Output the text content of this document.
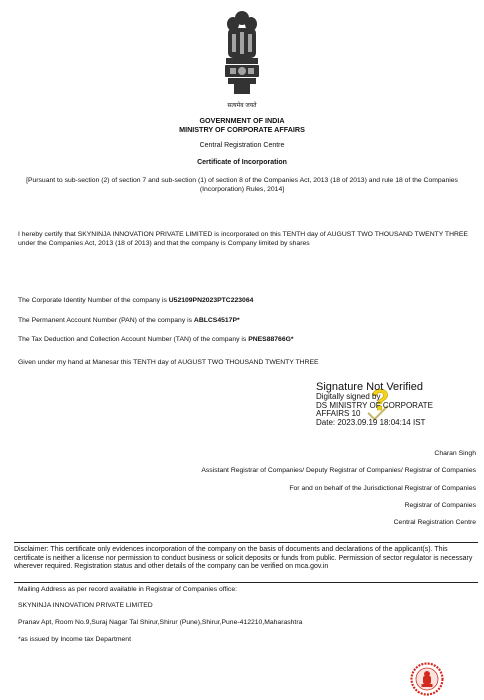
सत्यमेव जयते
GOVERNMENT OF INDIA
MINISTRY OF CORPORATE AFFAIRS
Central Registration Centre
Certificate of Incorporation
[Pursuant to sub-section (2) of section 7 and sub-section (1) of section 8 of the Companies Act, 2013 (18 of 2013) and rule 18 of the Companies (Incorporation) Rules, 2014]
I hereby certify that SKYNINJA INNOVATION PRIVATE LIMITED is incorporated on this TENTH day of AUGUST TWO THOUSAND TWENTY THREE under the Companies Act, 2013 (18 of 2013) and that the company is Company limited by shares
The Corporate Identity Number of the company is U52109PN2023PTC223064
The Permanent Account Number (PAN) of the company is ABLCS4517P*
The Tax Deduction and Collection Account Number (TAN) of the company is PNES88766G*
Given under my hand at Manesar this TENTH day of AUGUST TWO THOUSAND TWENTY THREE
?
Signature Not Verified
Digitally signed by
DS MINISTRY OF CORPORATE
AFFAIRS 10
Date: 2023.09.19 18:04:14 IST
Charan Singh
Assistant Registrar of Companies/ Deputy Registrar of Companies/ Registrar of Companies
For and on behalf of the Jurisdictional Registrar of Companies
Registrar of Companies
Central Registration Centre
Disclaimer: This certificate only evidences incorporation of the company on the basis of documents and declarations of the applicant(s). This certificate is neither a license nor permission to conduct business or solicit deposits or funds from public. Permission of sector regulator is necessary wherever required. Registration status and other details of the company can be verified on mca.gov.in
Mailing Address as per record available in Registrar of Companies office:
SKYNINJA INNOVATION PRIVATE LIMITED
Pranav Apt, Room No.9,Suraj Nagar Tal Shirur,Shirur (Pune),Shirur,Pune-412210,Maharashtra
*as issued by Income tax Department
